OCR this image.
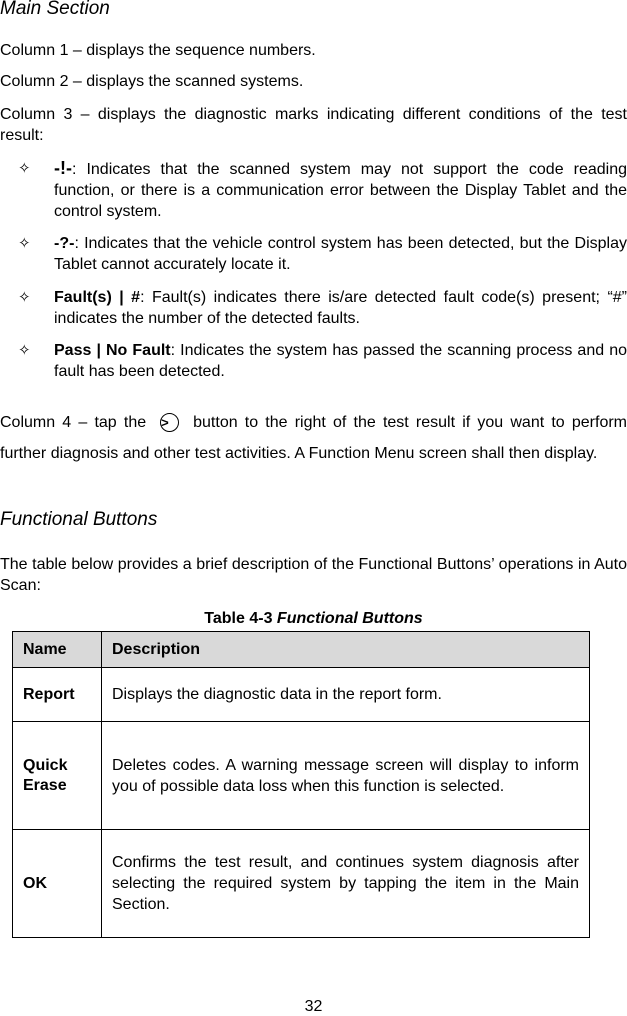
Main Section
Column 1 – displays the sequence numbers.
Column 2 – displays the scanned systems.
Column 3 – displays the diagnostic marks indicating different conditions of the test result:

✧ -!-: Indicates that the scanned system may not support the code reading function, or there is a communication error between the Display Tablet and the control system.

✧ -?-: Indicates that the vehicle control system has been detected, but the Display Tablet cannot accurately locate it.

✧ Fault(s) | #: Fault(s) indicates there is/are detected fault code(s) present; “#” indicates the number of the detected faults.

✧ Pass | No Fault: Indicates the system has passed the scanning process and no fault has been detected.

Column 4 – tap the > button to the right of the test result if you want to perform further diagnosis and other test activities. A Function Menu screen shall then display.
Functional Buttons
The table below provides a brief description of the Functional Buttons’ operations in Auto Scan:
Table 4-3 Functional Buttons
Name	Description
Report	Displays the diagnostic data in the report form.
Quick Erase	Deletes codes. A warning message screen will display to inform you of possible data loss when this function is selected.
OK	Confirms the test result, and continues system diagnosis after selecting the required system by tapping the item in the Main Section.
32
